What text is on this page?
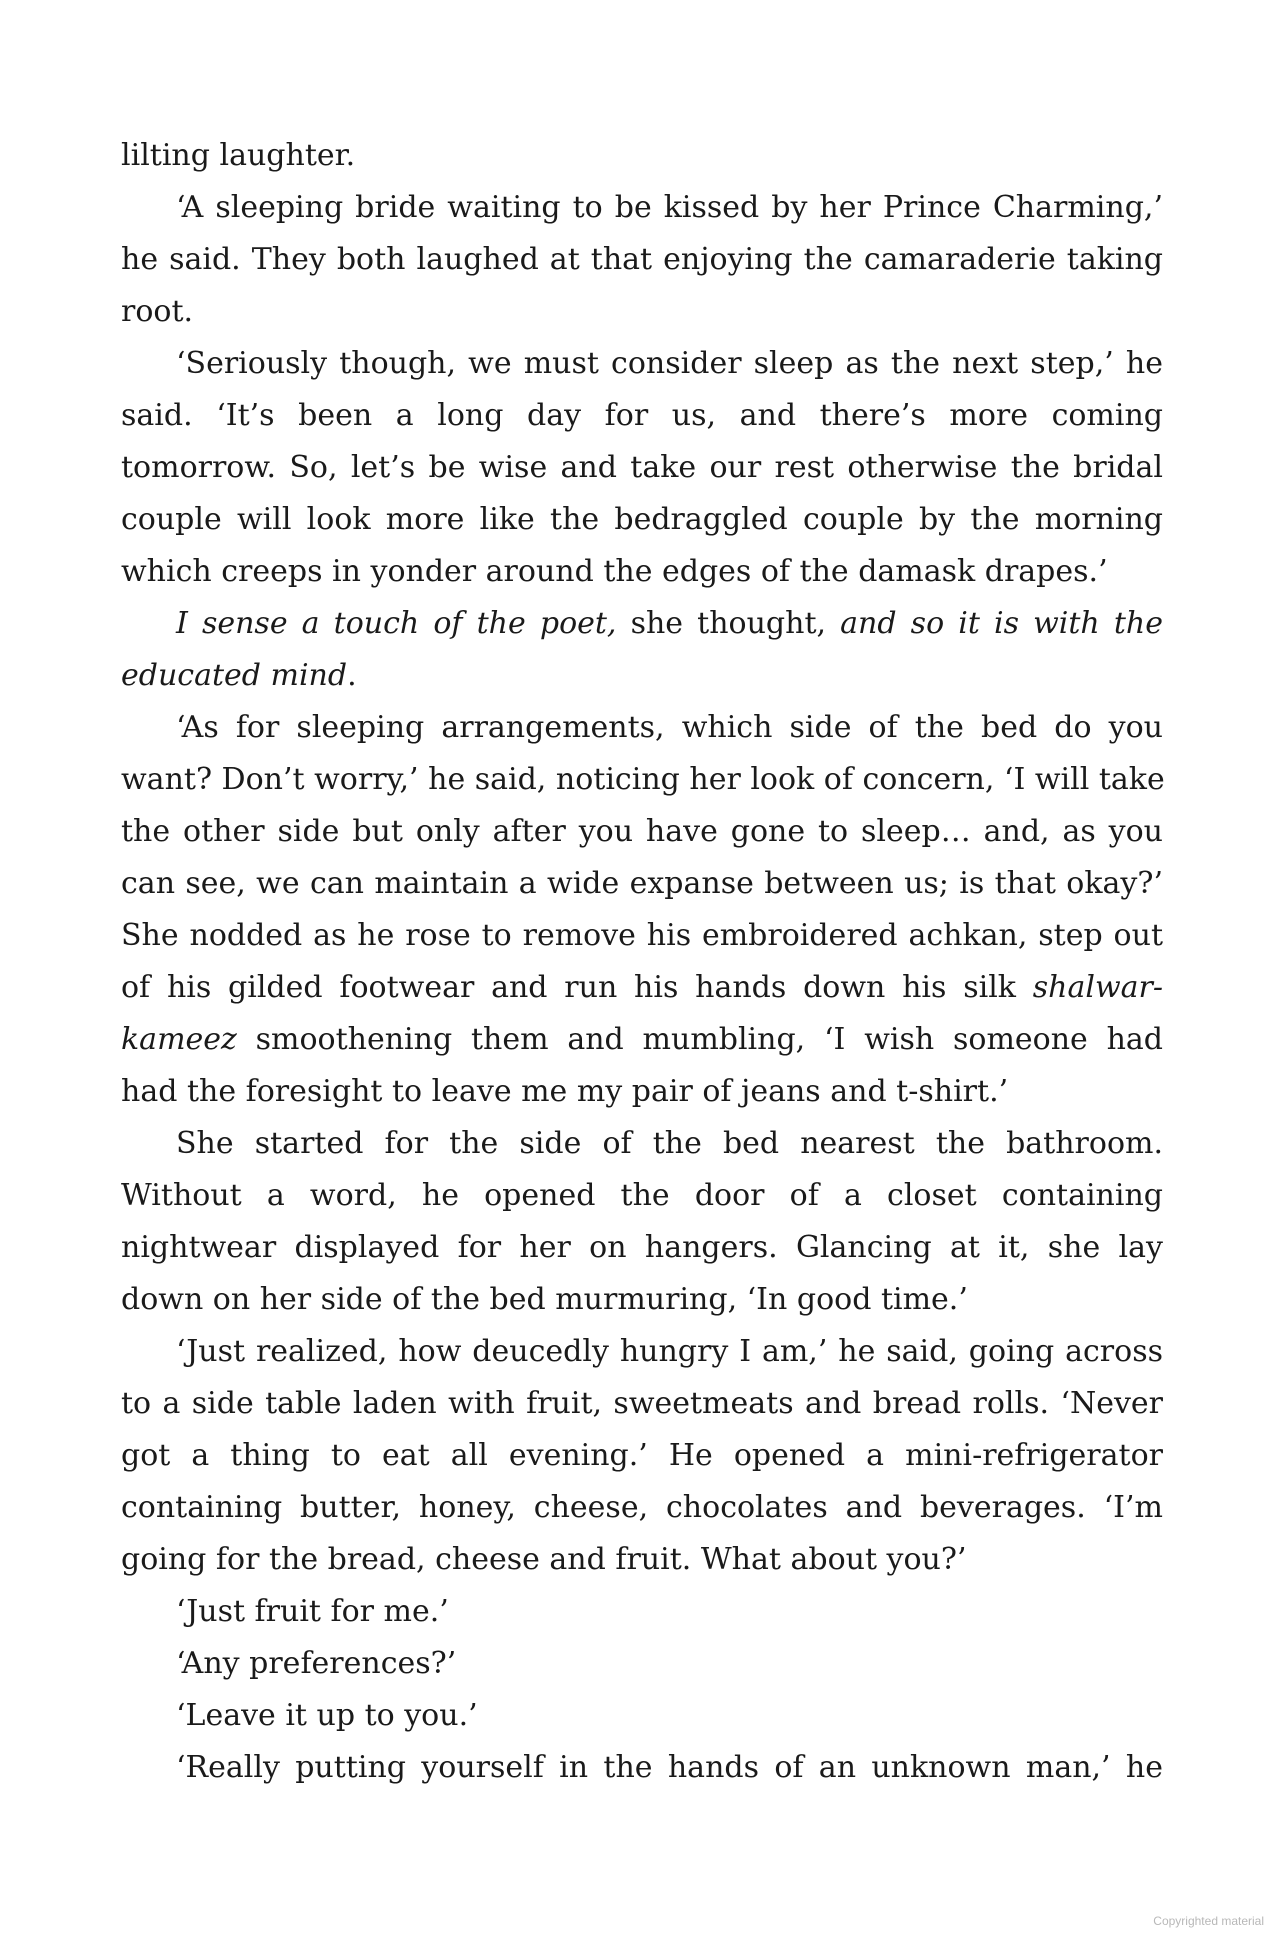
lilting laughter.
‘A sleeping bride waiting to be kissed by her Prince Charming,’
he said. They both laughed at that enjoying the camaraderie taking
root.
‘Seriously though, we must consider sleep as the next step,’ he
said. ‘It’s been a long day for us, and there’s more coming
tomorrow. So, let’s be wise and take our rest otherwise the bridal
couple will look more like the bedraggled couple by the morning
which creeps in yonder around the edges of the damask drapes.’
I sense a touch of the poet, she thought, and so it is with the
educated mind.
‘As for sleeping arrangements, which side of the bed do you
want? Don’t worry,’ he said, noticing her look of concern, ‘I will take
the other side but only after you have gone to sleep… and, as you
can see, we can maintain a wide expanse between us; is that okay?’
She nodded as he rose to remove his embroidered achkan, step out
of his gilded footwear and run his hands down his silk shalwar-
kameez smoothening them and mumbling, ‘I wish someone had
had the foresight to leave me my pair of jeans and t-shirt.’
She started for the side of the bed nearest the bathroom.
Without a word, he opened the door of a closet containing
nightwear displayed for her on hangers. Glancing at it, she lay
down on her side of the bed murmuring, ‘In good time.’
‘Just realized, how deucedly hungry I am,’ he said, going across
to a side table laden with fruit, sweetmeats and bread rolls. ‘Never
got a thing to eat all evening.’ He opened a mini-refrigerator
containing butter, honey, cheese, chocolates and beverages. ‘I’m
going for the bread, cheese and fruit. What about you?’
‘Just fruit for me.’
‘Any preferences?’
‘Leave it up to you.’
‘Really putting yourself in the hands of an unknown man,’ he
Copyrighted material
